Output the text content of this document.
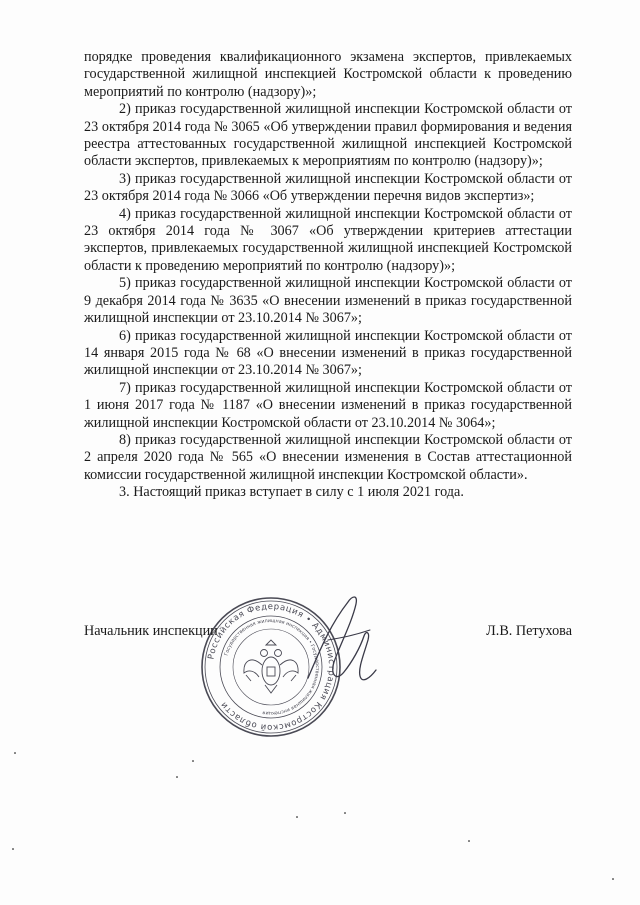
порядке проведения квалификационного экзамена экспертов, привлекаемых государственной жилищной инспекцией Костромской области к проведению мероприятий по контролю (надзору)»;

2) приказ государственной жилищной инспекции Костромской области от 23 октября 2014 года № 3065 «Об утверждении правил формирования и ведения реестра аттестованных государственной жилищной инспекцией Костромской области экспертов, привлекаемых к мероприятиям по контролю (надзору)»;

3) приказ государственной жилищной инспекции Костромской области от 23 октября 2014 года № 3066 «Об утверждении перечня видов экспертиз»;

4) приказ государственной жилищной инспекции Костромской области от 23 октября 2014 года № 3067 «Об утверждении критериев аттестации экспертов, привлекаемых государственной жилищной инспекцией Костромской области к проведению мероприятий по контролю (надзору)»;

5) приказ государственной жилищной инспекции Костромской области от 9 декабря 2014 года № 3635 «О внесении изменений в приказ государственной жилищной инспекции от 23.10.2014 № 3067»;

6) приказ государственной жилищной инспекции Костромской области от 14 января 2015 года № 68 «О внесении изменений в приказ государственной жилищной инспекции от 23.10.2014 № 3067»;

7) приказ государственной жилищной инспекции Костромской области от 1 июня 2017 года № 1187 «О внесении изменений в приказ государственной жилищной инспекции Костромской области от 23.10.2014 № 3064»;

8) приказ государственной жилищной инспекции Костромской области от 2 апреля 2020 года № 565 «О внесении изменения в Состав аттестационной комиссии государственной жилищной инспекции Костромской области».

3. Настоящий приказ вступает в силу с 1 июля 2021 года.

Российская Федерация • Администрация Костромской области
Государственная жилищная инспекция • Государственная жилищная инспекция
Начальник инспекции	Л.В. Петухова
